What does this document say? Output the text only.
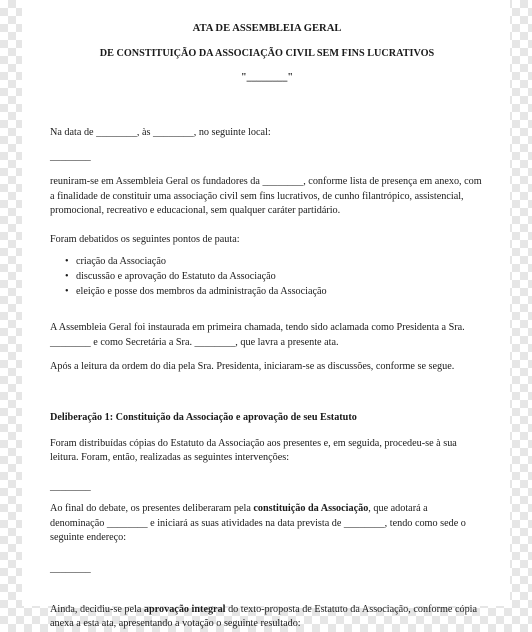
ATA DE ASSEMBLEIA GERAL

DE CONSTITUIÇÃO DA ASSOCIAÇÃO CIVIL SEM FINS LUCRATIVOS

"________"

Na data de ________, às ________, no seguinte local:

________

reuniram-se em Assembleia Geral os fundadores da ________, conforme lista de presença em anexo, com a finalidade de constituir uma associação civil sem fins lucrativos, de cunho filantrópico, assistencial, promocional, recreativo e educacional, sem qualquer caráter partidário.

Foram debatidos os seguintes pontos de pauta:

• criação da Associação
• discussão e aprovação do Estatuto da Associação
• eleição e posse dos membros da administração da Associação

A Assembleia Geral foi instaurada em primeira chamada, tendo sido aclamada como Presidenta a Sra. ________ e como Secretária a Sra. ________, que lavra a presente ata.

Após a leitura da ordem do dia pela Sra. Presidenta, iniciaram-se as discussões, conforme se segue.

Deliberação 1: Constituição da Associação e aprovação de seu Estatuto

Foram distribuídas cópias do Estatuto da Associação aos presentes e, em seguida, procedeu-se à sua leitura. Foram, então, realizadas as seguintes intervenções:

________

Ao final do debate, os presentes deliberaram pela constituição da Associação, que adotará a denominação ________ e iniciará as suas atividades na data prevista de ________, tendo como sede o seguinte endereço:

________

Ainda, decidiu-se pela aprovação integral do texto-proposta de Estatuto da Associação, conforme cópia anexa a esta ata, apresentando a votação o seguinte resultado:
